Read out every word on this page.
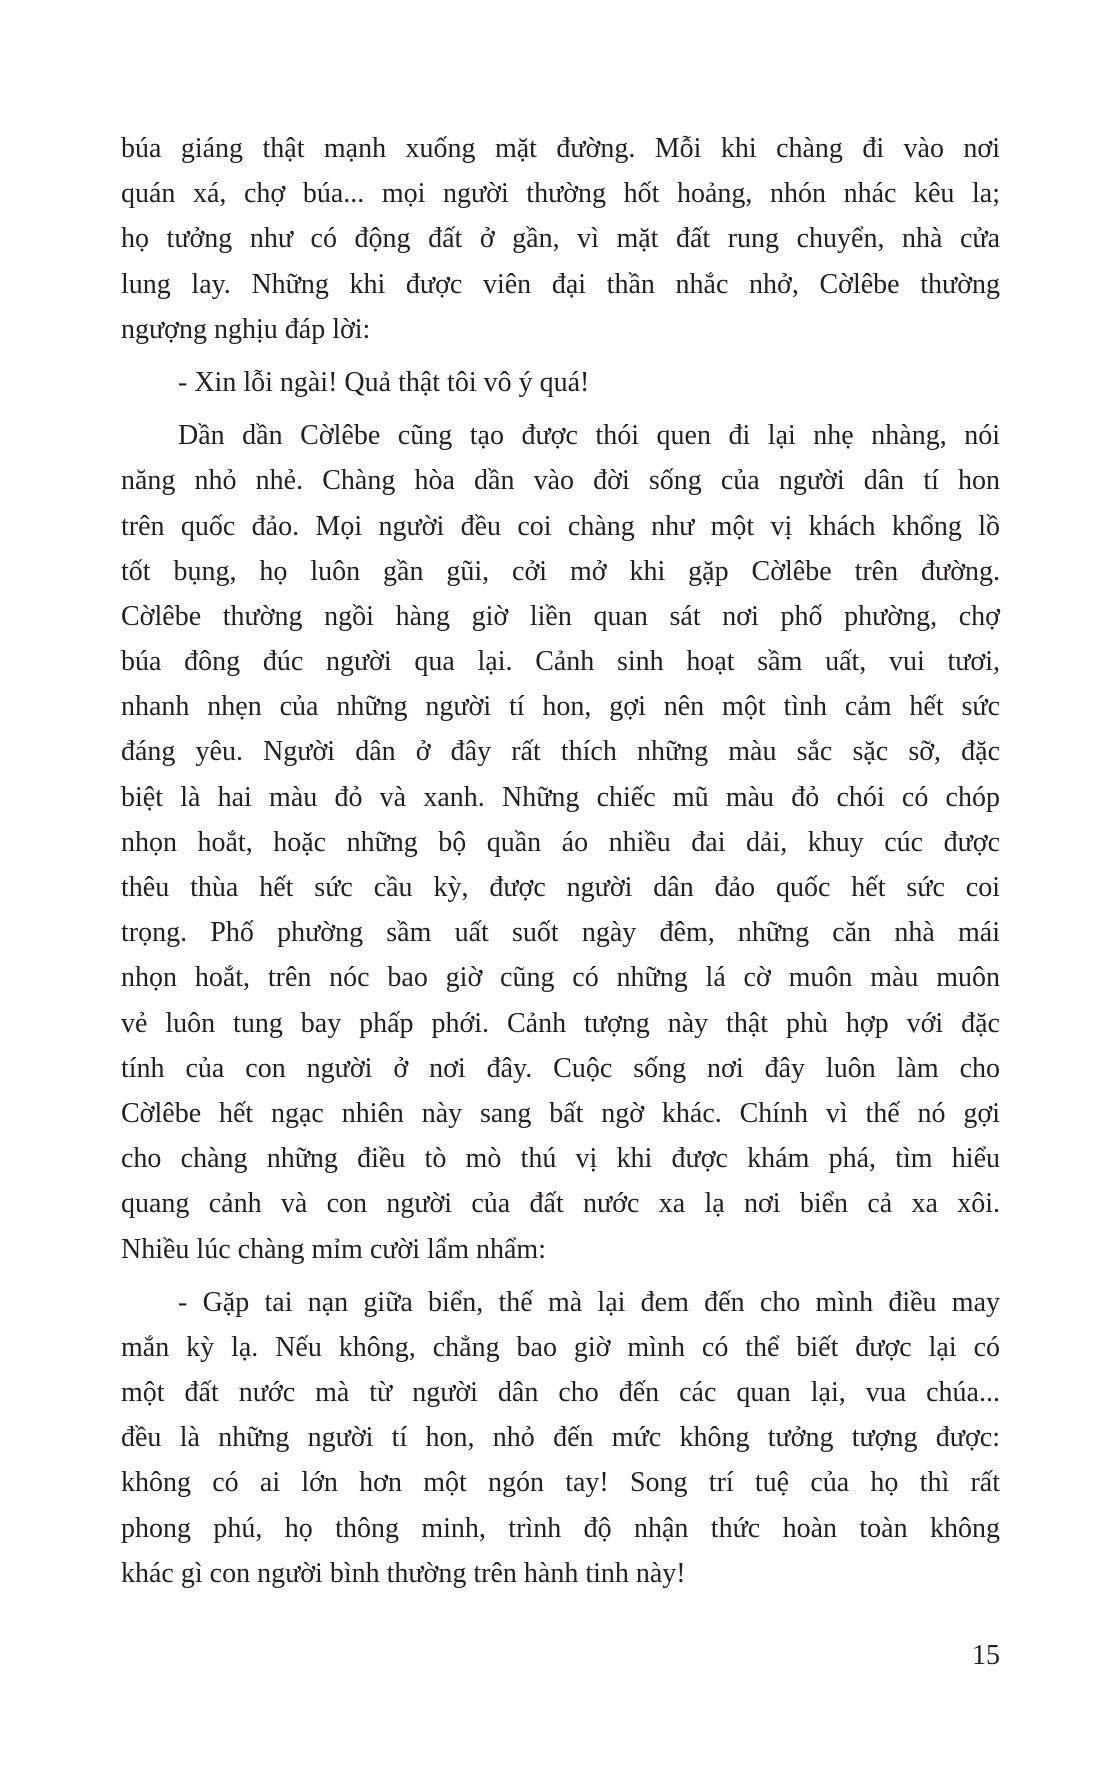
búa giáng thật mạnh xuống mặt đường. Mỗi khi chàng đi vào nơi
quán xá, chợ búa... mọi người thường hốt hoảng, nhón nhác kêu la;
họ tưởng như có động đất ở gần, vì mặt đất rung chuyển, nhà cửa
lung lay. Những khi được viên đại thần nhắc nhở, Cờlêbe thường
ngượng nghịu đáp lời:
- Xin lỗi ngài! Quả thật tôi vô ý quá!
Dần dần Cờlêbe cũng tạo được thói quen đi lại nhẹ nhàng, nói
năng nhỏ nhẻ. Chàng hòa dần vào đời sống của người dân tí hon
trên quốc đảo. Mọi người đều coi chàng như một vị khách khổng lồ
tốt bụng, họ luôn gần gũi, cởi mở khi gặp Cờlêbe trên đường.
Cờlêbe thường ngồi hàng giờ liền quan sát nơi phố phường, chợ
búa đông đúc người qua lại. Cảnh sinh hoạt sầm uất, vui tươi,
nhanh nhẹn của những người tí hon, gợi nên một tình cảm hết sức
đáng yêu. Người dân ở đây rất thích những màu sắc sặc sỡ, đặc
biệt là hai màu đỏ và xanh. Những chiếc mũ màu đỏ chói có chóp
nhọn hoắt, hoặc những bộ quần áo nhiều đai dải, khuy cúc được
thêu thùa hết sức cầu kỳ, được người dân đảo quốc hết sức coi
trọng. Phố phường sầm uất suốt ngày đêm, những căn nhà mái
nhọn hoắt, trên nóc bao giờ cũng có những lá cờ muôn màu muôn
vẻ luôn tung bay phấp phới. Cảnh tượng này thật phù hợp với đặc
tính của con người ở nơi đây. Cuộc sống nơi đây luôn làm cho
Cờlêbe hết ngạc nhiên này sang bất ngờ khác. Chính vì thế nó gợi
cho chàng những điều tò mò thú vị khi được khám phá, tìm hiểu
quang cảnh và con người của đất nước xa lạ nơi biển cả xa xôi.
Nhiều lúc chàng mỉm cười lẩm nhẩm:
- Gặp tai nạn giữa biển, thế mà lại đem đến cho mình điều may
mắn kỳ lạ. Nếu không, chẳng bao giờ mình có thể biết được lại có
một đất nước mà từ người dân cho đến các quan lại, vua chúa...
đều là những người tí hon, nhỏ đến mức không tưởng tượng được:
không có ai lớn hơn một ngón tay! Song trí tuệ của họ thì rất
phong phú, họ thông minh, trình độ nhận thức hoàn toàn không
khác gì con người bình thường trên hành tinh này!
15
